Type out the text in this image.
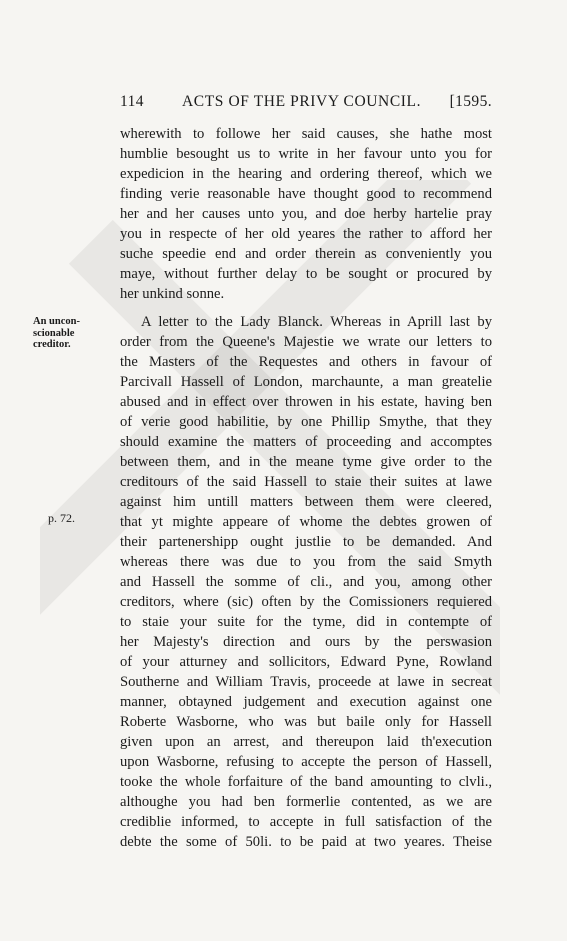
114 ACTS OF THE PRIVY COUNCIL. [1595.
wherewith to followe her said causes, she hathe most
humblie besought us to write in her favour unto you for
expedicion in the hearing and ordering thereof, which we
finding verie reasonable have thought good to recommend
her and her causes unto you, and doe herby hartelie pray
you in respecte of her old yeares the rather to afford her
suche speedie end and order therein as conveniently you
maye, without further delay to be sought or procured by
her unkind sonne.
An uncon-
scionable
creditor.
p. 72.
A letter to the Lady Blanck. Whereas in Aprill last by
order from the Queene's Majestie we wrate our letters to
the Masters of the Requestes and others in favour of
Parcivall Hassell of London, marchaunte, a man greatelie
abused and in effect over throwen in his estate, having ben
of verie good habilitie, by one Phillip Smythe, that they
should examine the matters of proceeding and accomptes
between them, and in the meane tyme give order to the
creditours of the said Hassell to staie their suites at lawe
against him untill matters between them were cleered,
that yt mighte appeare of whome the debtes growen of
their partenershipp ought justlie to be demanded. And
whereas there was due to you from the said Smyth
and Hassell the somme of cli., and you, among other
creditors, where (sic) often by the Comissioners requiered
to staie your suite for the tyme, did in contempte of
her Majesty's direction and ours by the perswasion
of your atturney and sollicitors, Edward Pyne, Rowland
Southerne and William Travis, proceede at lawe in secreat
manner, obtayned judgement and execution against one
Roberte Wasborne, who was but baile only for Hassell
given upon an arrest, and thereupon laid th'execution
upon Wasborne, refusing to accepte the person of Hassell,
tooke the whole forfaiture of the band amounting to clvli.,
althoughe you had ben formerlie contented, as we are
crediblie informed, to accepte in full satisfaction of the
debte the some of 50li. to be paid at two yeares. Theise
